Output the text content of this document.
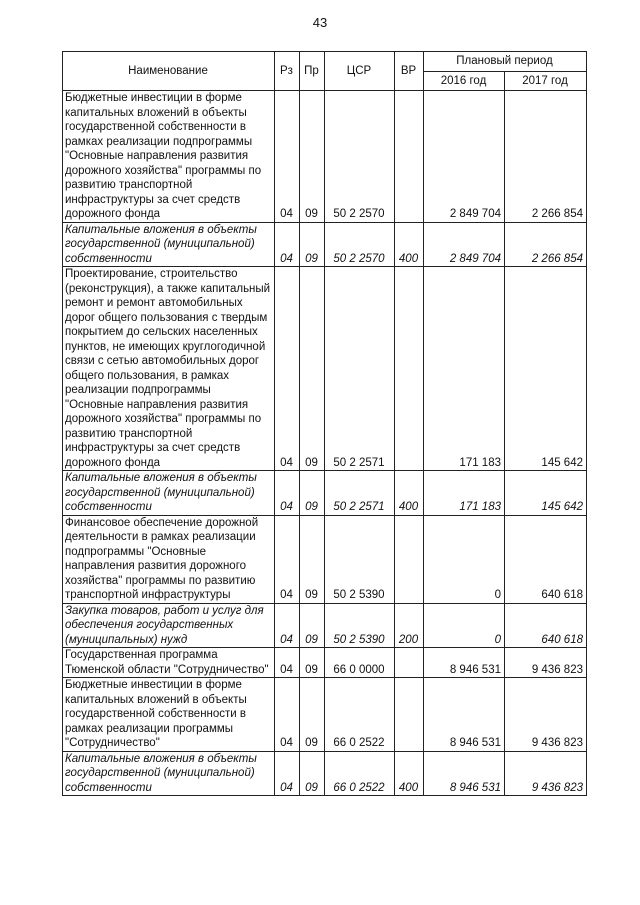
43
Наименование	Рз	Пр	ЦСР	ВР	Плановый период	
					2016 год	2017 год
Бюджетные инвестиции в форме капитальных вложений в объекты государственной собственности в рамках реализации подпрограммы "Основные направления развития дорожного хозяйства" программы по развитию транспортной инфраструктуры за счет средств дорожного фонда	04	09	50 2 2570		2 849 704	2 266 854
Капитальные вложения в объекты государственной (муниципальной) собственности	04	09	50 2 2570	400	2 849 704	2 266 854
Проектирование, строительство (реконструкция), а также капитальный ремонт и ремонт автомобильных дорог общего пользования с твердым покрытием до сельских населенных пунктов, не имеющих круглогодичной связи с сетью автомобильных дорог общего пользования, в рамках реализации подпрограммы "Основные направления развития дорожного хозяйства" программы по развитию транспортной инфраструктуры за счет средств дорожного фонда	04	09	50 2 2571		171 183	145 642
Капитальные вложения в объекты государственной (муниципальной) собственности	04	09	50 2 2571	400	171 183	145 642
Финансовое обеспечение дорожной деятельности в рамках реализации подпрограммы "Основные направления развития дорожного хозяйства" программы по развитию транспортной инфраструктуры	04	09	50 2 5390		0	640 618
Закупка товаров, работ и услуг для обеспечения государственных (муниципальных) нужд	04	09	50 2 5390	200	0	640 618
Государственная программа Тюменской области "Сотрудничество"	04	09	66 0 0000		8 946 531	9 436 823
Бюджетные инвестиции в форме капитальных вложений в объекты государственной собственности в рамках реализации программы "Сотрудничество"	04	09	66 0 2522		8 946 531	9 436 823
Капитальные вложения в объекты государственной (муниципальной) собственности	04	09	66 0 2522	400	8 946 531	9 436 823
